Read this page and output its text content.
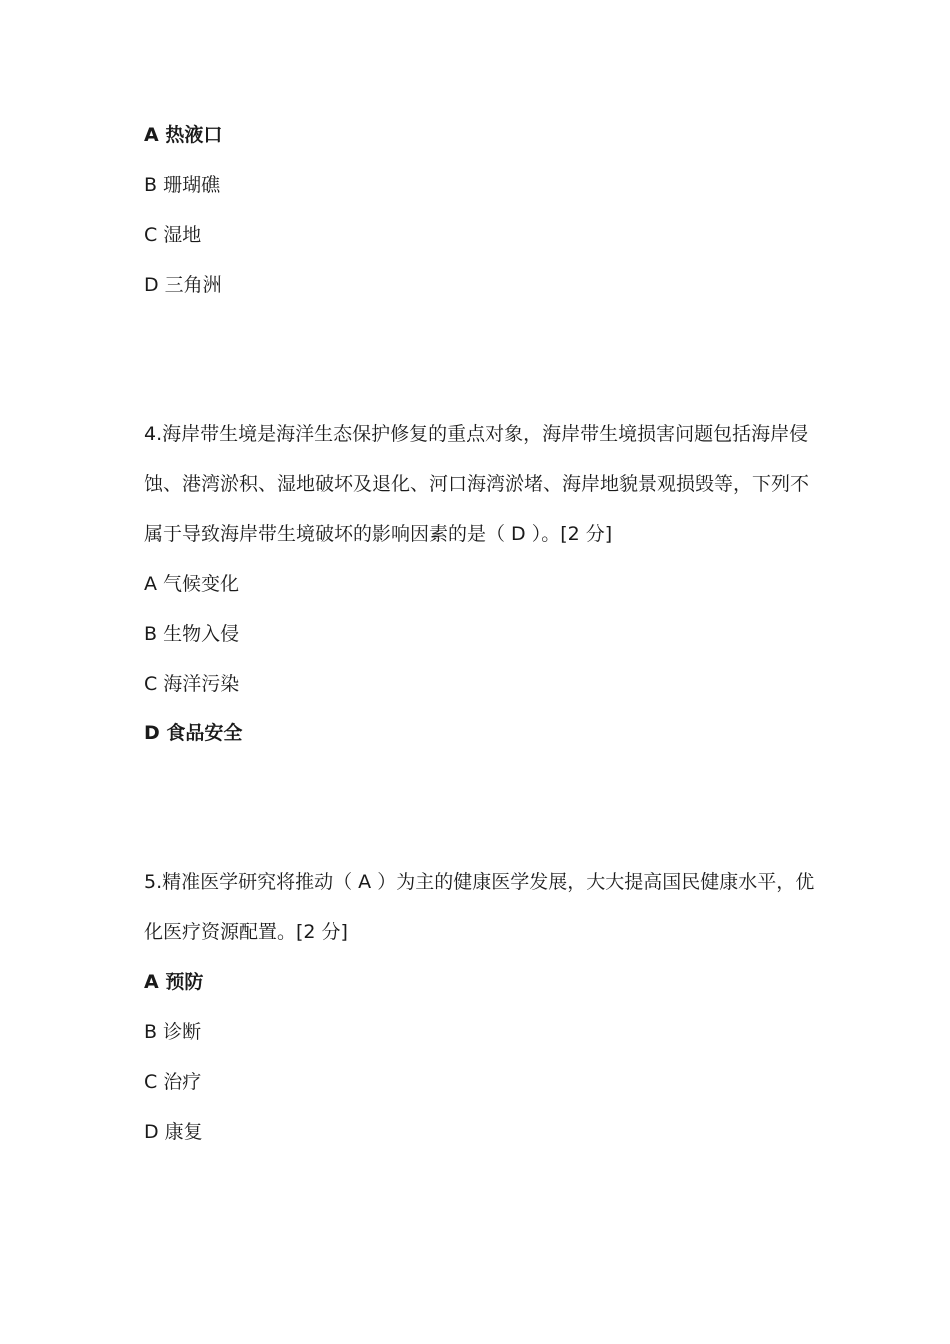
A 热液口
B 珊瑚礁
C 湿地
D 三角洲
4.海岸带生境是海洋生态保护修复的重点对象，海岸带生境损害问题包括海岸侵
蚀、港湾淤积、湿地破坏及退化、河口海湾淤堵、海岸地貌景观损毁等，下列不
属于导致海岸带生境破坏的影响因素的是（ D ）。[2 分]
A 气候变化
B 生物入侵
C 海洋污染
D 食品安全
5.精准医学研究将推动（ A ）为主的健康医学发展，大大提高国民健康水平，优
化医疗资源配置。[2 分]
A 预防
B 诊断
C 治疗
D 康复
